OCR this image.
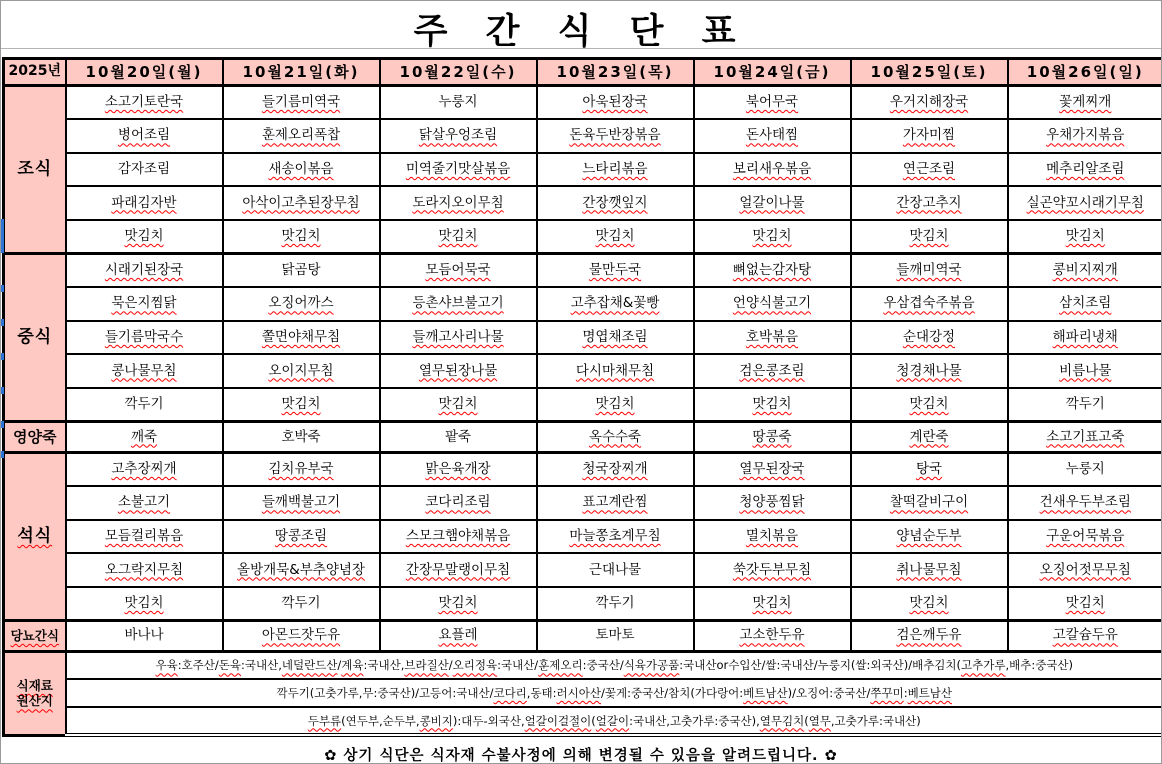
주 간 식 단 표
2025년	10월20일(월)	10월21일(화)	10월22일(수)	10월23일(목)	10월24일(금)	10월25일(토)	10월26일(일)
조식	소고기토란국	들기름미역국	누룽지	아욱된장국	북어무국	우거지해장국	꽃게찌개
	병어조림	훈제오리폭찹	닭살우엉조림	돈육두반장볶음	돈사태찜	가자미찜	우채가지볶음
	감자조림	새송이볶음	미역줄기맛살볶음	느타리볶음	보리새우볶음	연근조림	메추리알조림
	파래김자반	아삭이고추된장무침	도라지오이무침	간장깻잎지	얼갈이나물	간장고추지	실곤약꼬시래기무침
	맛김치	맛김치	맛김치	맛김치	맛김치	맛김치	맛김치
중식	시래기된장국	닭곰탕	모듬어묵국	물만두국	뼈없는감자탕	들깨미역국	콩비지찌개
	묵은지찜닭	오징어까스	등촌샤브불고기	고추잡채&꽃빵	언양식불고기	우삼겹숙주볶음	삼치조림
	들기름막국수	쫄면야채무침	들깨고사리나물	명엽채조림	호박볶음	순대강정	해파리냉채
	콩나물무침	오이지무침	열무된장나물	다시마채무침	검은콩조림	청경채나물	비름나물
	깍두기	맛김치	맛김치	맛김치	맛김치	맛김치	깍두기
영양죽	깨죽	호박죽	팥죽	옥수수죽	땅콩죽	계란죽	소고기표고죽
석식	고추장찌개	김치유부국	맑은육개장	청국장찌개	열무된장국	탕국	누룽지
	소불고기	들깨백불고기	코다리조림	표고계란찜	청양풍찜닭	찰떡갈비구이	건새우두부조림
	모듬컬리볶음	땅콩조림	스모크햄야채볶음	마늘쫑초계무침	멸치볶음	양념순두부	구운어묵볶음
	오그락지무침	올방개묵&부추양념장	간장무말랭이무침	근대나물	쑥갓두부무침	취나물무침	오징어젓무무침
	맛김치	깍두기	맛김치	깍두기	맛김치	맛김치	맛김치
당뇨간식	바나나	아몬드잣두유	요플레	토마토	고소한두유	검은깨두유	고칼슘두유

식재료
원산지	우육:호주산/돈육:국내산,네덜란드산/계육:국내산,브라질산/오리정육:국내산/훈제오리:중국산/식육가공품:국내산or수입산/쌀:국내산/누룽지(쌀:외국산)/배추김치(고추가루,배추:중국산)						
	깍두기(고춧가루,무:중국산)/고등어:국내산/코다리,동태:러시아산/꽃게:중국산/참치(가다랑어:베트남산)/오징어:중국산/쭈꾸미:베트남산						
	두부류(연두부,순두부,콩비지):대두-외국산,얼갈이걸절이(얼갈이:국내산,고춧가루:중국산),열무김치(열무,고춧가루:국내산)						
✿ 상기 식단은 식자재 수불사정에 의해 변경될 수 있음을 알려드립니다. ✿
